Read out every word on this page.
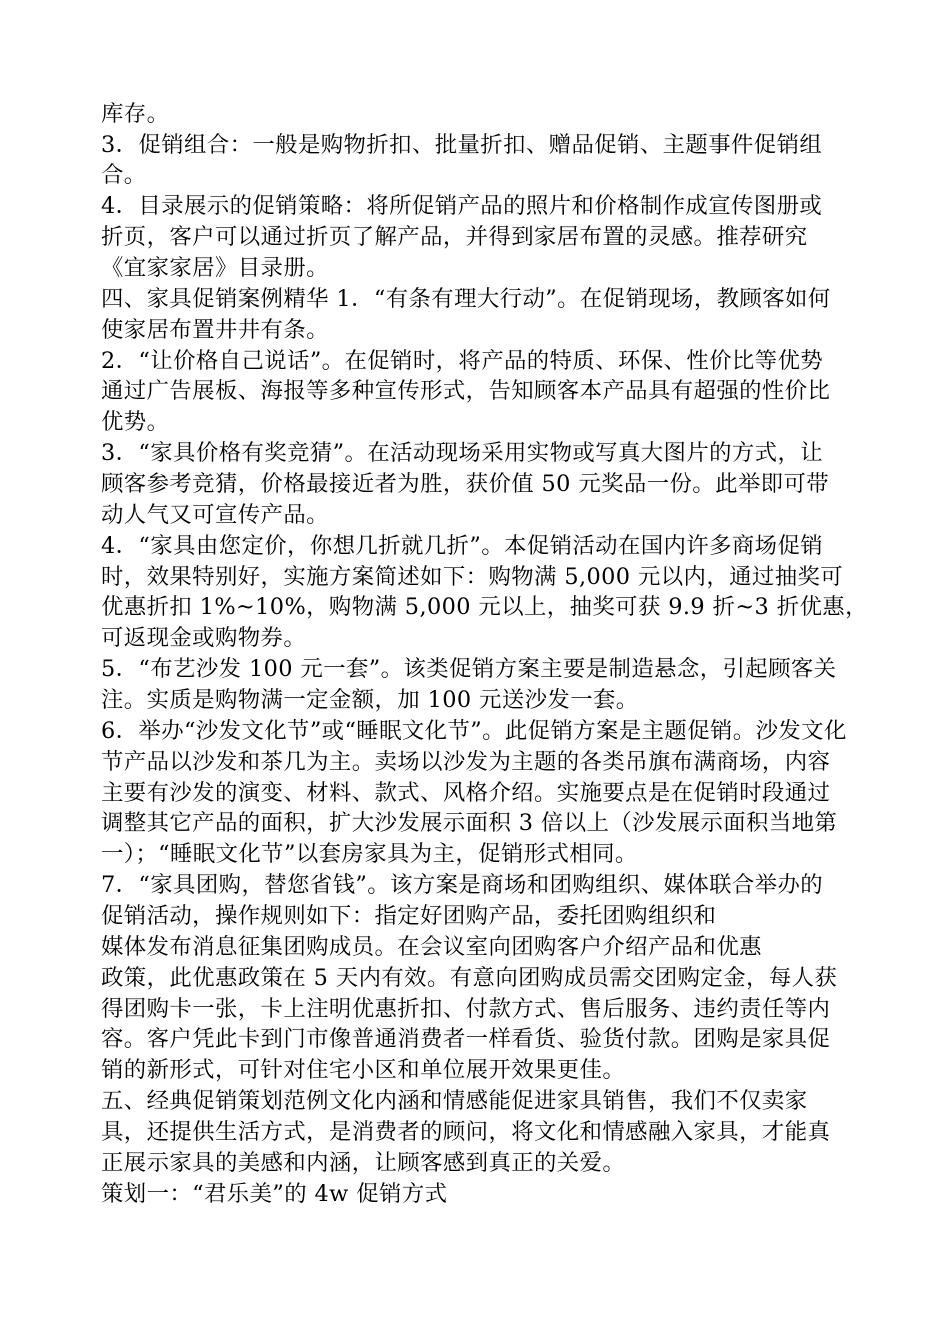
库存。
3．促销组合：一般是购物折扣、批量折扣、赠品促销、主题事件促销组
合。
4．目录展示的促销策略：将所促销产品的照片和价格制作成宣传图册或
折页，客户可以通过折页了解产品，并得到家居布置的灵感。推荐研究
《宜家家居》目录册。
四、家具促销案例精华 1．“有条有理大行动”。在促销现场，教顾客如何
使家居布置井井有条。
2．“让价格自己说话”。在促销时，将产品的特质、环保、性价比等优势
通过广告展板、海报等多种宣传形式，告知顾客本产品具有超强的性价比
优势。
3．“家具价格有奖竞猜”。在活动现场采用实物或写真大图片的方式，让
顾客参考竞猜，价格最接近者为胜，获价值 50 元奖品一份。此举即可带
动人气又可宣传产品。
4．“家具由您定价，你想几折就几折”。本促销活动在国内许多商场促销
时，效果特别好，实施方案简述如下：购物满 5,000 元以内，通过抽奖可
优惠折扣 1%~10%，购物满 5,000 元以上，抽奖可获 9.9 折~3 折优惠，
可返现金或购物券。
5．“布艺沙发 100 元一套”。该类促销方案主要是制造悬念，引起顾客关
注。实质是购物满一定金额，加 100 元送沙发一套。
6．举办“沙发文化节”或“睡眠文化节”。此促销方案是主题促销。沙发文化
节产品以沙发和茶几为主。卖场以沙发为主题的各类吊旗布满商场，内容
主要有沙发的演变、材料、款式、风格介绍。实施要点是在促销时段通过
调整其它产品的面积，扩大沙发展示面积 3 倍以上（沙发展示面积当地第
一）；“睡眠文化节”以套房家具为主，促销形式相同。
7．“家具团购，替您省钱”。该方案是商场和团购组织、媒体联合举办的
促销活动，操作规则如下：指定好团购产品，委托团购组织和
媒体发布消息征集团购成员。在会议室向团购客户介绍产品和优惠
政策，此优惠政策在 5 天内有效。有意向团购成员需交团购定金，每人获
得团购卡一张，卡上注明优惠折扣、付款方式、售后服务、违约责任等内
容。客户凭此卡到门市像普通消费者一样看货、验货付款。团购是家具促
销的新形式，可针对住宅小区和单位展开效果更佳。
五、经典促销策划范例文化内涵和情感能促进家具销售，我们不仅卖家
具，还提供生活方式，是消费者的顾问，将文化和情感融入家具，才能真
正展示家具的美感和内涵，让顾客感到真正的关爱。
策划一：“君乐美”的 4w 促销方式
